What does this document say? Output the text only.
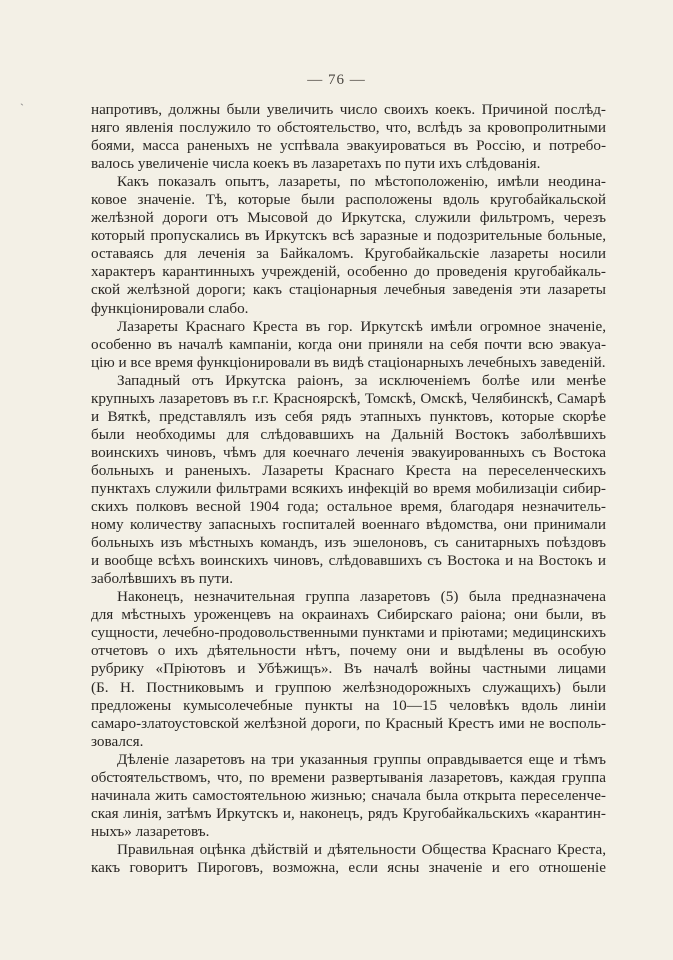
— 76 —
ˋ	напротивъ, должны были увеличить число своихъ коекъ. Причиной послѣд-
няго явленія послужило то обстоятельство, что, вслѣдъ за кровопролитными
боями, масса раненыхъ не успѣвала эвакуироваться въ Россію, и потребо-
валось увеличеніе числа коекъ въ лазаретахъ по пути ихъ слѣдованія.
Какъ показалъ опытъ, лазареты, по мѣстоположенію, имѣли неодина-
ковое значеніе. Тѣ, которые были расположены вдоль кругобайкальской
желѣзной дороги отъ Мысовой до Иркутска, служили фильтромъ, черезъ
который пропускались въ Иркутскъ всѣ заразные и подозрительные больные,
оставаясь для леченія за Байкаломъ. Кругобайкальскіе лазареты носили
характеръ карантинныхъ учрежденій, особенно до проведенія кругобайкаль-
ской желѣзной дороги; какъ стаціонарныя лечебныя заведенія эти лазареты
функціонировали слабо.
Лазареты Краснаго Креста въ гор. Иркутскѣ имѣли огромное значеніе,
особенно въ началѣ кампаніи, когда они приняли на себя почти всю эвакуа-
цію и все время функціонировали въ видѣ стаціонарныхъ лечебныхъ заведеній.
Западный отъ Иркутска раіонъ, за исключеніемъ болѣе или менѣе
крупныхъ лазаретовъ въ г.г. Красноярскѣ, Томскѣ, Омскѣ, Челябинскѣ, Самарѣ
и Вяткѣ, представлялъ изъ себя рядъ этапныхъ пунктовъ, которые скорѣе
были необходимы для слѣдовавшихъ на Дальній Востокъ заболѣвшихъ
воинскихъ чиновъ, чѣмъ для коечнаго леченія эвакуированныхъ съ Востока
больныхъ и раненыхъ. Лазареты Краснаго Креста на переселенческихъ
пунктахъ служили фильтрами всякихъ инфекцій во время мобилизаціи сибир-
скихъ полковъ весной 1904 года; остальное время, благодаря незначитель-
ному количеству запасныхъ госпиталей военнаго вѣдомства, они принимали
больныхъ изъ мѣстныхъ командъ, изъ эшелоновъ, съ санитарныхъ поѣздовъ
и вообще всѣхъ воинскихъ чиновъ, слѣдовавшихъ съ Востока и на Востокъ и
заболѣвшихъ въ пути.
Наконецъ, незначительная группа лазаретовъ (5) была предназначена
для мѣстныхъ уроженцевъ на окраинахъ Сибирскаго раіона; они были, въ
сущности, лечебно-продовольственными пунктами и пріютами; медицинскихъ
отчетовъ о ихъ дѣятельности нѣтъ, почему они и выдѣлены въ особую
рубрику «Пріютовъ и Убѣжищъ». Въ началѣ войны частными лицами
(Б. Н. Постниковымъ и группою желѣзнодорожныхъ служащихъ) были
предложены кумысолечебные пункты на 10—15 человѣкъ вдоль линіи
самаро-златоустовской желѣзной дороги, по Красный Крестъ ими не восполь-
зовался.
Дѣленіе лазаретовъ на три указанныя группы оправдывается еще и тѣмъ
обстоятельствомъ, что, по времени развертыванія лазаретовъ, каждая группа
начинала жить самостоятельною жизнью; сначала была открыта переселенче-
ская линія, затѣмъ Иркутскъ и, наконецъ, рядъ Кругобайкальскихъ «карантин-
ныхъ» лазаретовъ.
Правильная оцѣнка дѣйствій и дѣятельности Общества Краснаго Креста,
какъ говоритъ Пироговъ, возможна, если ясны значеніе и его отношеніе
